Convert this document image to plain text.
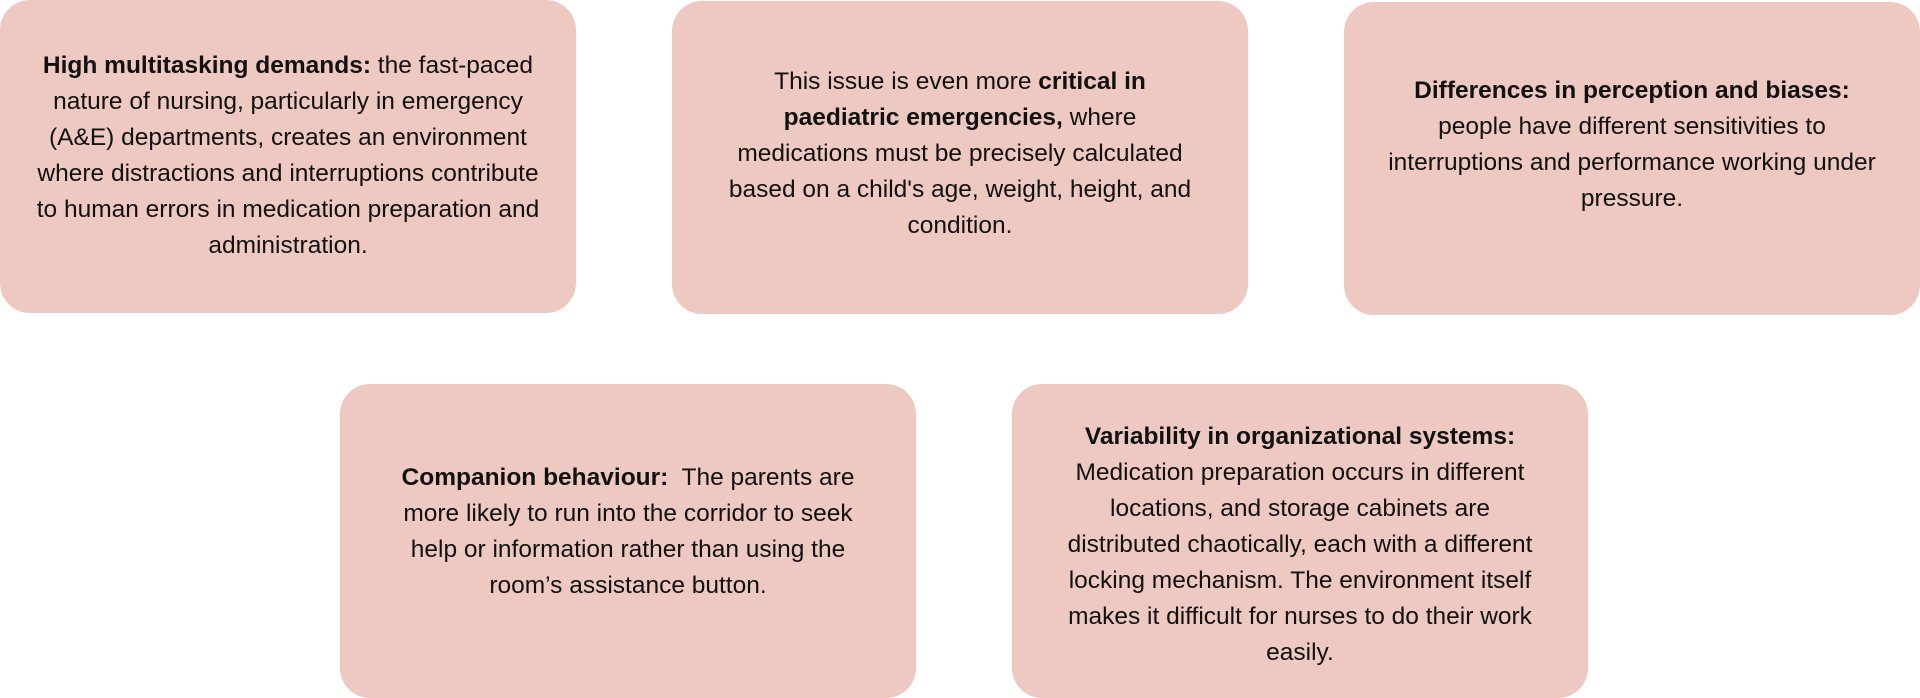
High multitasking demands: the fast-paced nature of nursing, particularly in emergency (A&E) departments, creates an environment where distractions and interruptions contribute to human errors in medication preparation and administration.

This issue is even more critical in paediatric emergencies, where medications must be precisely calculated based on a child's age, weight, height, and condition.

Differences in perception and biases: people have different sensitivities to interruptions and performance working under pressure.

Companion behaviour:  The parents are more likely to run into the corridor to seek help or information rather than using the room’s assistance button.

Variability in organizational systems: Medication preparation occurs in different locations, and storage cabinets are distributed chaotically, each with a different locking mechanism. The environment itself makes it difficult for nurses to do their work easily.
